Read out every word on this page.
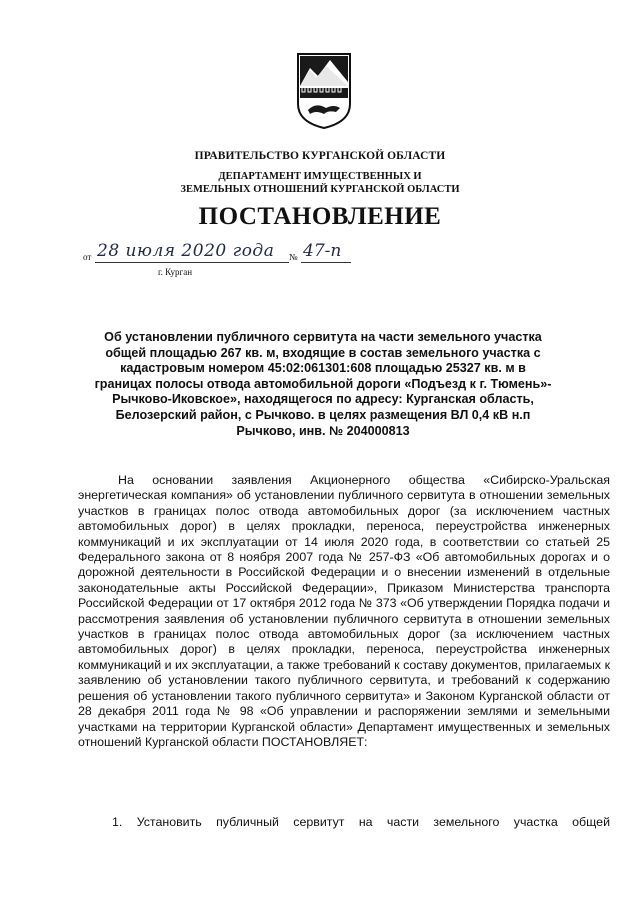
ПРАВИТЕЛЬСТВО КУРГАНСКОЙ ОБЛАСТИ
ДЕПАРТАМЕНТ ИМУЩЕСТВЕННЫХ И
ЗЕМЕЛЬНЫХ ОТНОШЕНИЙ КУРГАНСКОЙ ОБЛАСТИ
ПОСТАНОВЛЕНИЕ
от 28 июля 2020 года № 47-п
г. Курган
Об установлении публичного сервитута на части земельного участка общей площадью 267 кв. м, входящие в состав земельного участка с кадастровым номером 45:02:061301:608 площадью 25327 кв. м в границах полосы отвода автомобильной дороги «Подъезд к г. Тюмень»-Рычково-Иковское», находящегося по адресу: Курганская область, Белозерский район, с Рычково. в целях размещения ВЛ 0,4 кВ н.п Рычково, инв. № 204000813

На основании заявления Акционерного общества «Сибирско-Уральская энергетическая компания» об установлении публичного сервитута в отношении земельных участков в границах полос отвода автомобильных дорог (за исключением частных автомобильных дорог) в целях прокладки, переноса, переустройства инженерных коммуникаций и их эксплуатации от 14 июля 2020 года, в соответствии со статьей 25 Федерального закона от 8 ноября 2007 года № 257-ФЗ «Об автомобильных дорогах и о дорожной деятельности в Российской Федерации и о внесении изменений в отдельные законодательные акты Российской Федерации», Приказом Министерства транспорта Российской Федерации от 17 октября 2012 года № 373 «Об утверждении Порядка подачи и рассмотрения заявления об установлении публичного сервитута в отношении земельных участков в границах полос отвода автомобильных дорог (за исключением частных автомобильных дорог) в целях прокладки, переноса, переустройства инженерных коммуникаций и их эксплуатации, а также требований к составу документов, прилагаемых к заявлению об установлении такого публичного сервитута, и требований к содержанию решения об установлении такого публичного сервитута» и Законом Курганской области от 28 декабря 2011 года № 98 «Об управлении и распоряжении землями и земельными участками на территории Курганской области» Департамент имущественных и земельных отношений Курганской области ПОСТАНОВЛЯЕТ:

1. Установить публичный сервитут на части земельного участка общей
